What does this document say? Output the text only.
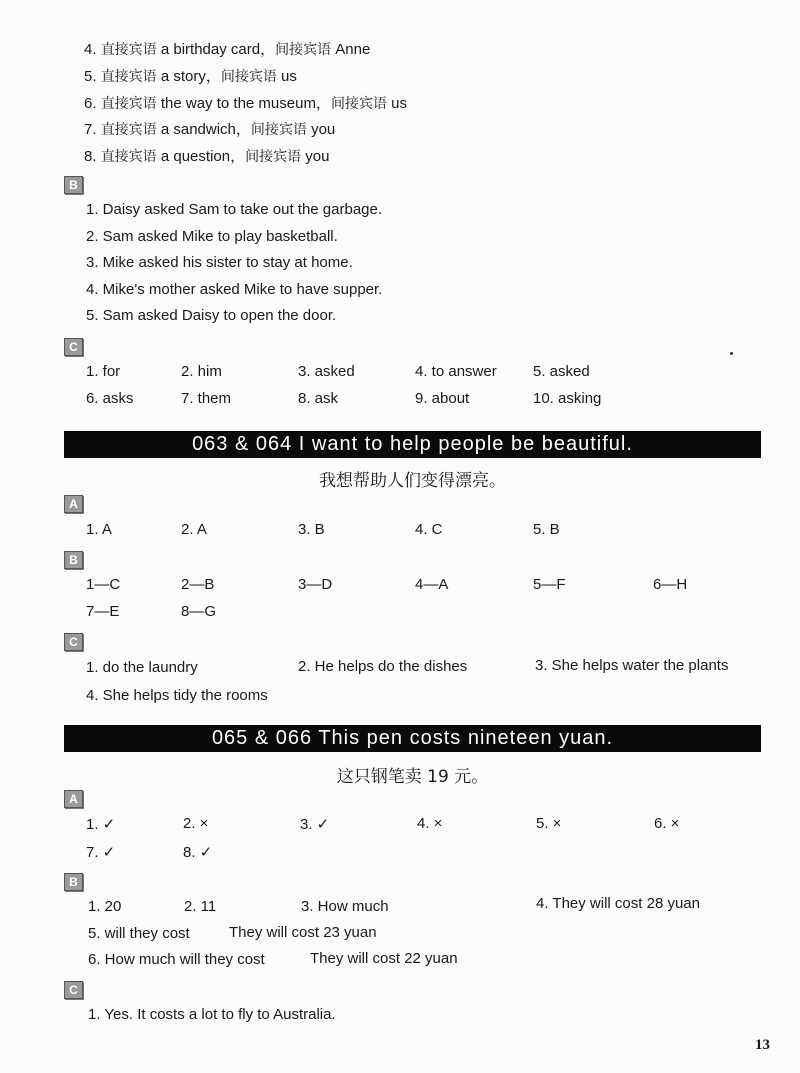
4. 直接宾语 a birthday card，间接宾语 Anne
5. 直接宾语 a story，间接宾语 us
6. 直接宾语 the way to the museum，间接宾语 us
7. 直接宾语 a sandwich，间接宾语 you
8. 直接宾语 a question，间接宾语 you
B
1. Daisy asked Sam to take out the garbage.
2. Sam asked Mike to play basketball.
3. Mike asked his sister to stay at home.
4. Mike's mother asked Mike to have supper.
5. Sam asked Daisy to open the door.
C
1. for	2. him	3. asked	4. to answer 5. asked
6. asks	7. them	8. ask	9. about	10. asking
063 & 064 I want to help people be beautiful.
我想帮助人们变得漂亮。
A
1. A	2. A	3. B	4. C	5. B
B
1—C	2—B	3—D	4—A	5—F	6—H
7—E	8—G
C
1. do the laundry	2. He helps do the dishes	3. She helps water the plants
4. She helps tidy the rooms
065 & 066 This pen costs nineteen yuan.
这只钢笔卖 19 元。
A
1. ✓	2. ×	3. ✓	4. ×	5. ×	6. ×
7. ✓	8. ✓
B
1. 20	2. 11	3. How much	4. They will cost 28 yuan
5. will they cost	They will cost 23 yuan
6. How much will they cost	They will cost 22 yuan
C
1. Yes. It costs a lot to fly to Australia.
13
